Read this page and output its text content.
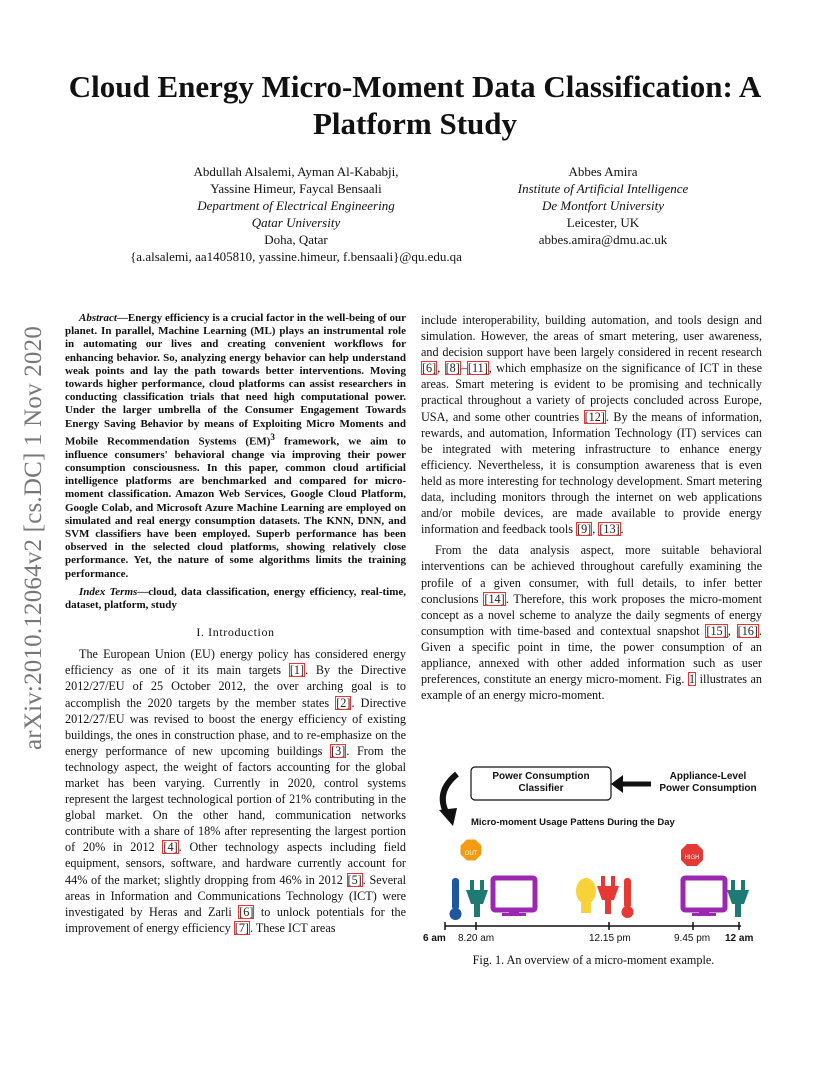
arXiv:2010.12064v2 [cs.DC] 1 Nov 2020
Cloud Energy Micro-Moment Data Classification: A Platform Study
Abdullah Alsalemi, Ayman Al-Kababji,
Yassine Himeur, Faycal Bensaali
Department of Electrical Engineering
Qatar University
Doha, Qatar
{a.alsalemi, aa1405810, yassine.himeur, f.bensaali}@qu.edu.qa
Abbes Amira
Institute of Artificial Intelligence
De Montfort University
Leicester, UK
abbes.amira@dmu.ac.uk

Abstract—Energy efficiency is a crucial factor in the well-being of our planet. In parallel, Machine Learning (ML) plays an instrumental role in automating our lives and creating convenient workflows for enhancing behavior. So, analyzing energy behavior can help understand weak points and lay the path towards better interventions. Moving towards higher performance, cloud platforms can assist researchers in conducting classification trials that need high computational power. Under the larger umbrella of the Consumer Engagement Towards Energy Saving Behavior by means of Exploiting Micro Moments and Mobile Recommendation Systems (EM)$^3$ framework, we aim to influence consumers' behavioral change via improving their power consumption consciousness. In this paper, common cloud artificial intelligence platforms are benchmarked and compared for micro-moment classification. Amazon Web Services, Google Cloud Platform, Google Colab, and Microsoft Azure Machine Learning are employed on simulated and real energy consumption datasets. The KNN, DNN, and SVM classifiers have been employed. Superb performance has been observed in the selected cloud platforms, showing relatively close performance. Yet, the nature of some algorithms limits the training performance.

Index Terms—cloud, data classification, energy efficiency, real-time, dataset, platform, study

I. Introduction

The European Union (EU) energy policy has considered energy efficiency as one of it its main targets [1]. By the Directive 2012/27/EU of 25 October 2012, the over arching goal is to accomplish the 2020 targets by the member states [2]. Directive 2012/27/EU was revised to boost the energy efficiency of existing buildings, the ones in construction phase, and to re-emphasize on the energy performance of new upcoming buildings [3]. From the technology aspect, the weight of factors accounting for the global market has been varying. Currently in 2020, control systems represent the largest technological portion of 21% contributing in the global market. On the other hand, communication networks contribute with a share of 18% after representing the largest portion of 20% in 2012 [4]. Other technology aspects including field equipment, sensors, software, and hardware currently account for 44% of the market; slightly dropping from 46% in 2012 [5]. Several areas in Information and Communications Technology (ICT) were investigated by Heras and Zarli [6] to unlock potentials for the improvement of energy efficiency [7]. These ICT areas

include interoperability, building automation, and tools design and simulation. However, the areas of smart metering, user awareness, and decision support have been largely considered in recent research [6], [8]–[11], which emphasize on the significance of ICT in these areas. Smart metering is evident to be promising and technically practical throughout a variety of projects concluded across Europe, USA, and some other countries [12]. By the means of information, rewards, and automation, Information Technology (IT) services can be integrated with metering infrastructure to enhance energy efficiency. Nevertheless, it is consumption awareness that is even held as more interesting for technology development. Smart metering data, including monitors through the internet on web applications and/or mobile devices, are made available to provide energy information and feedback tools [9], [13].

From the data analysis aspect, more suitable behavioral interventions can be achieved throughout carefully examining the profile of a given consumer, with full details, to infer better conclusions [14]. Therefore, this work proposes the micro-moment concept as a novel scheme to analyze the daily segments of energy consumption with time-based and contextual snapshot [15], [16]. Given a specific point in time, the power consumption of an appliance, annexed with other added information such as user preferences, constitute an energy micro-moment. Fig. 1 illustrates an example of an energy micro-moment.

Power Consumption
Classifier
Appliance-Level
Power Consumption
Micro-moment Usage Pattens During the Day
OUT
HIGH
6 am 8.20 am	12.15 pm	9.45 pm 12 am
Fig. 1. An overview of a micro-moment example.
